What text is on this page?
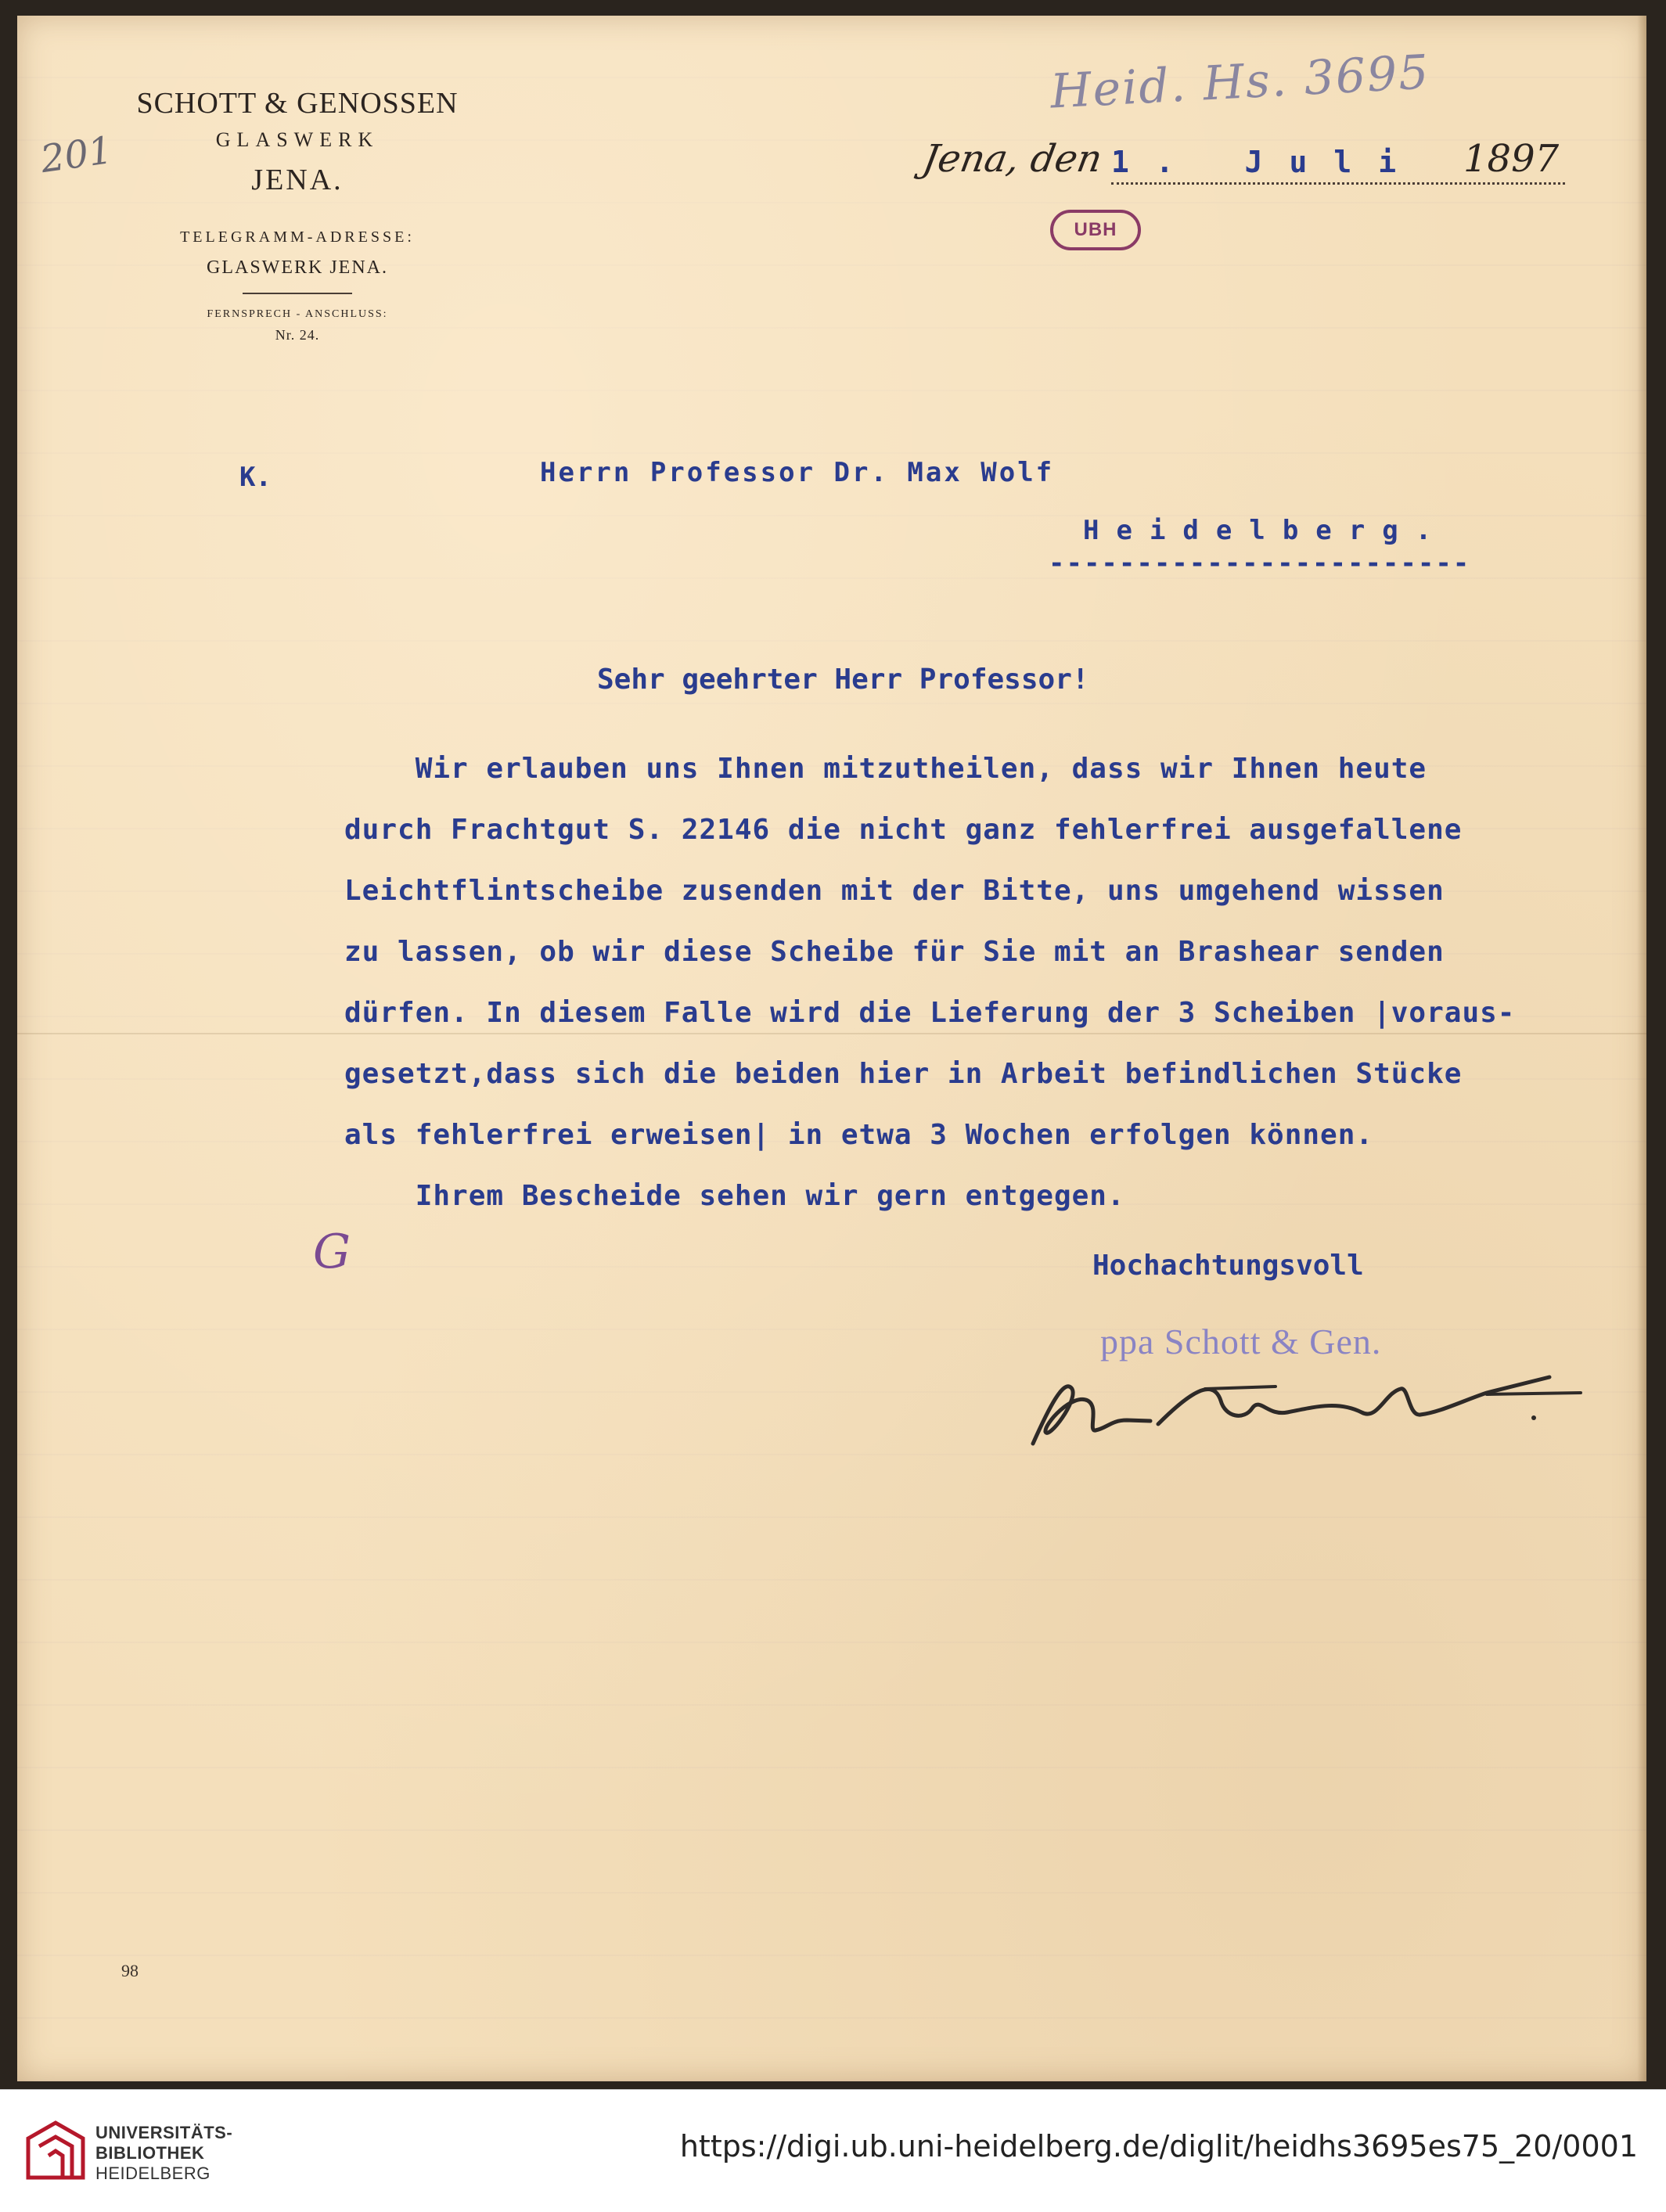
SCHOTT & GENOSSEN
GLASWERK
JENA.
TELEGRAMM-ADRESSE:
GLASWERK JENA.
FERNSPRECH - ANSCHLUSS:
Nr. 24.
201
Heid. Hs. 3695
Jena, den 1. Juli 1897
UBH
K.	Herrn Professor Dr. Max Wolf
Heidelberg.
------------------------
Sehr geehrter Herr Professor!
Wir erlauben uns Ihnen mitzutheilen, dass wir Ihnen heute
durch Frachtgut S. 22146 die nicht ganz fehlerfrei ausgefallene
Leichtflintscheibe zusenden mit der Bitte, uns umgehend wissen
zu lassen, ob wir diese Scheibe für Sie mit an Brashear senden
dürfen. In diesem Falle wird die Lieferung der 3 Scheiben |voraus-
gesetzt,dass sich die beiden hier in Arbeit befindlichen Stücke
als fehlerfrei erweisen| in etwa 3 Wochen erfolgen können.
Ihrem Bescheide sehen wir gern entgegen.
Hochachtungsvoll
ppa Schott & Gen.
G
98
UNIVERSITÄTS-
BIBLIOTHEK
HEIDELBERG
https://digi.ub.uni-heidelberg.de/diglit/heidhs3695es75_20/0001
